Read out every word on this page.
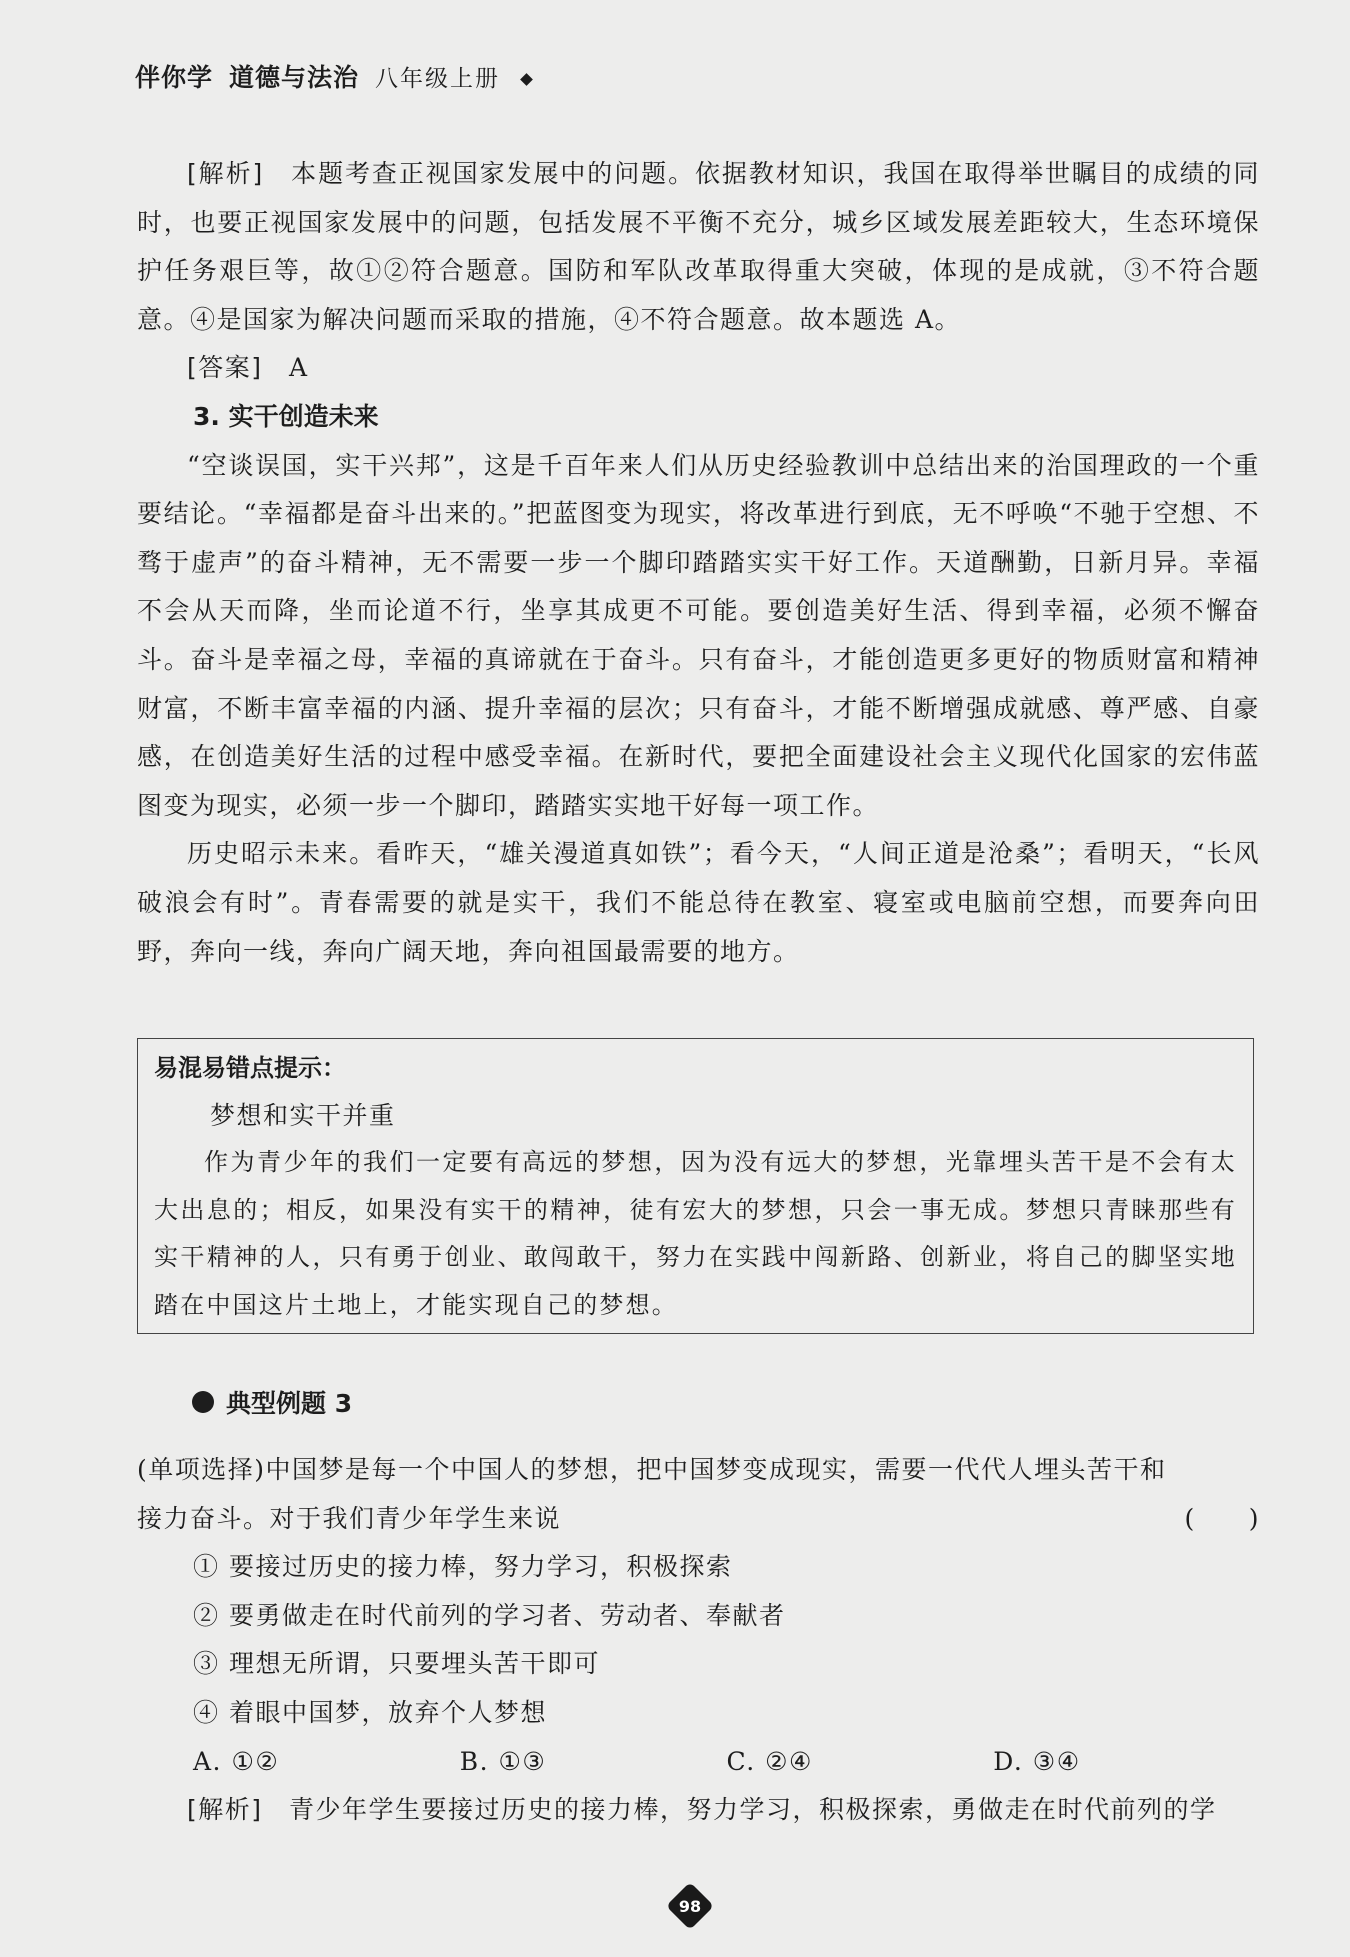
伴你学 道德与法治 八年级上册

[解析]　 本题考查正视国家发展中的问题。依据教材知识，我国在取得举世瞩目的成绩的同时，也要正视国家发展中的问题，包括发展不平衡不充分，城乡区域发展差距较大，生态环境保护任务艰巨等，故①②符合题意。国防和军队改革取得重大突破，体现的是成就，③不符合题意。④是国家为解决问题而采取的措施，④不符合题意。故本题选 A。

[答案]　 A

3. 实干创造未来

“空谈误国，实干兴邦”，这是千百年来人们从历史经验教训中总结出来的治国理政的一个重要结论。“幸福都是奋斗出来的。”把蓝图变为现实，将改革进行到底，无不呼唤“不驰于空想、不骛于虚声”的奋斗精神，无不需要一步一个脚印踏踏实实干好工作。天道酬勤，日新月异。幸福不会从天而降，坐而论道不行，坐享其成更不可能。要创造美好生活、得到幸福，必须不懈奋斗。奋斗是幸福之母，幸福的真谛就在于奋斗。只有奋斗，才能创造更多更好的物质财富和精神财富，不断丰富幸福的内涵、提升幸福的层次；只有奋斗，才能不断增强成就感、尊严感、自豪感，在创造美好生活的过程中感受幸福。在新时代，要把全面建设社会主义现代化国家的宏伟蓝图变为现实，必须一步一个脚印，踏踏实实地干好每一项工作。

历史昭示未来。看昨天，“雄关漫道真如铁”；看今天，“人间正道是沧桑”；看明天，“长风破浪会有时”。青春需要的就是实干，我们不能总待在教室、寝室或电脑前空想，而要奔向田野，奔向一线，奔向广阔天地，奔向祖国最需要的地方。

易混易错点提示：

梦想和实干并重

作为青少年的我们一定要有高远的梦想，因为没有远大的梦想，光靠埋头苦干是不会有太大出息的；相反，如果没有实干的精神，徒有宏大的梦想，只会一事无成。梦想只青睐那些有实干精神的人，只有勇于创业、敢闯敢干，努力在实践中闯新路、创新业，将自己的脚坚实地踏在中国这片土地上，才能实现自己的梦想。

典型例题 3

(单项选择)中国梦是每一个中国人的梦想，把中国梦变成现实，需要一代代人埋头苦干和

接力奋斗。对于我们青少年学生来说	(　　)

① 要接过历史的接力棒，努力学习，积极探索

② 要勇做走在时代前列的学习者、劳动者、奉献者

③ 理想无所谓，只要埋头苦干即可

④ 着眼中国梦，放弃个人梦想

A. ①②	B. ①③	C. ②④	D. ③④

[解析]　 青少年学生要接过历史的接力棒，努力学习，积极探索，勇做走在时代前列的学

98
